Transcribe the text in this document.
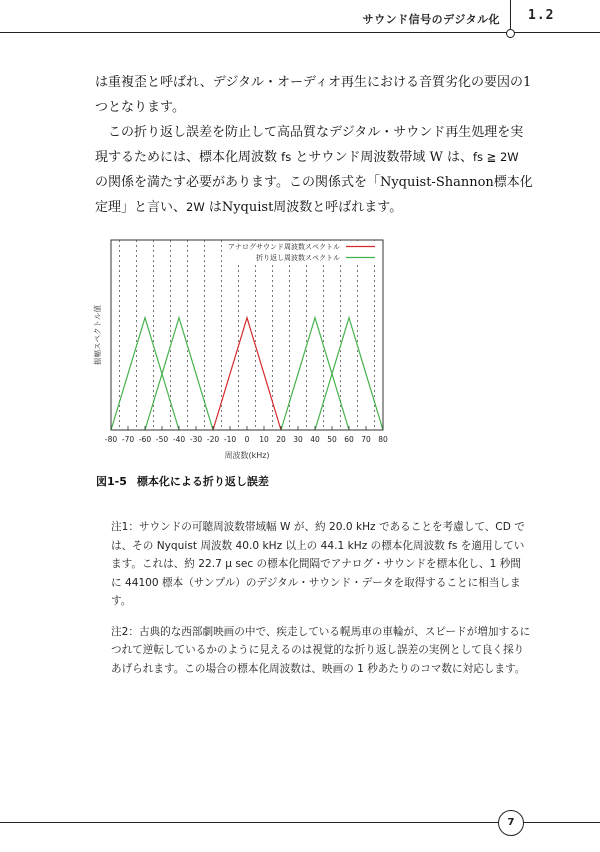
サウンド信号のデジタル化 1.2

は重複歪と呼ばれ、デジタル・オーディオ再生における音質劣化の要因の1つとなります。

この折り返し誤差を防止して高品質なデジタル・サウンド再生処理を実現するためには、標本化周波数 fs とサウンド周波数帯域 W は、fs ≧ 2W の関係を満たす必要があります。この関係式を「Nyquist-Shannon標本化定理」と言い、2W はNyquist周波数と呼ばれます。

-80 -70 -60 -50 -40 -30 -20 -10 0 10 20 30 40 50 60 70 80
振幅スペクトル値
周波数(kHz)
アナログサウンド周波数スペクトル
折り返し周波数スペクトル
図1-5 標本化による折り返し誤差

注1：サウンドの可聴周波数帯域幅 W が、約 20.0 kHz であることを考慮して、CD では、その Nyquist 周波数 40.0 kHz 以上の 44.1 kHz の標本化周波数 fs を適用しています。これは、約 22.7 μ sec の標本化間隔でアナログ・サウンドを標本化し、1 秒間に 44100 標本（サンプル）のデジタル・サウンド・データを取得することに相当します。

注2：古典的な西部劇映画の中で、疾走している幌馬車の車輪が、スピードが増加するにつれて逆転しているかのように見えるのは視覚的な折り返し誤差の実例として良く採りあげられます。この場合の標本化周波数は、映画の 1 秒あたりのコマ数に対応します。

7
